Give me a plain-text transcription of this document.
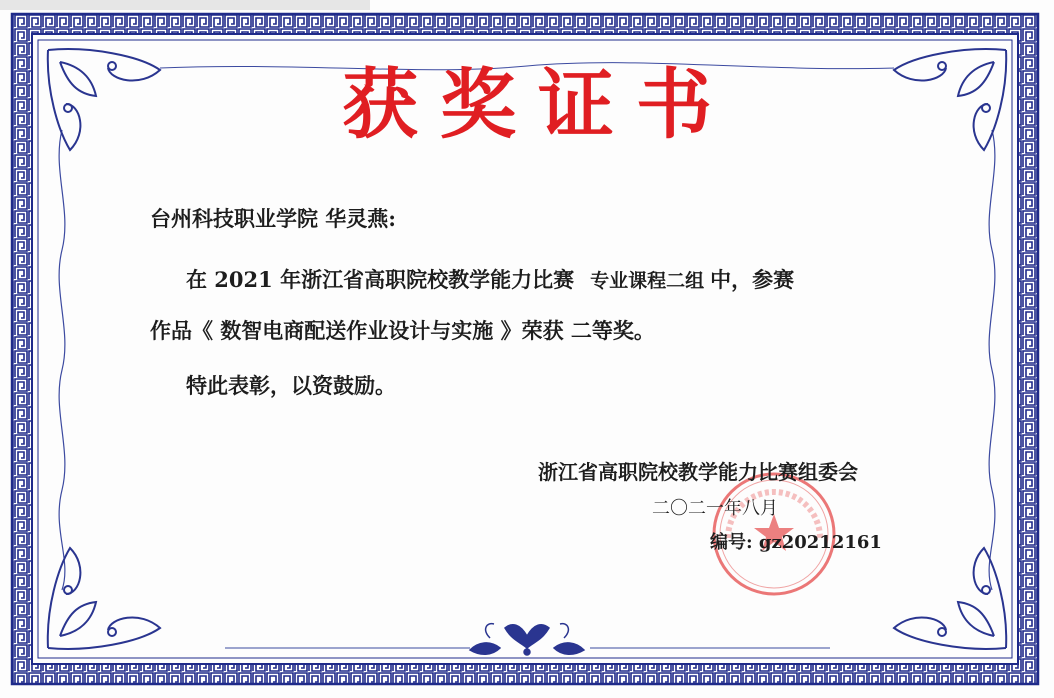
获奖证书
台州科技职业学院 华灵燕:
在 2021 年浙江省高职院校教学能力比赛 专业课程二组 中，参赛
作品《 数智电商配送作业设计与实施 》荣获 二等奖。
特此表彰，以资鼓励。
浙江省高职院校教学能力比赛组委会
二〇二一年八月
编号: gz20212161
